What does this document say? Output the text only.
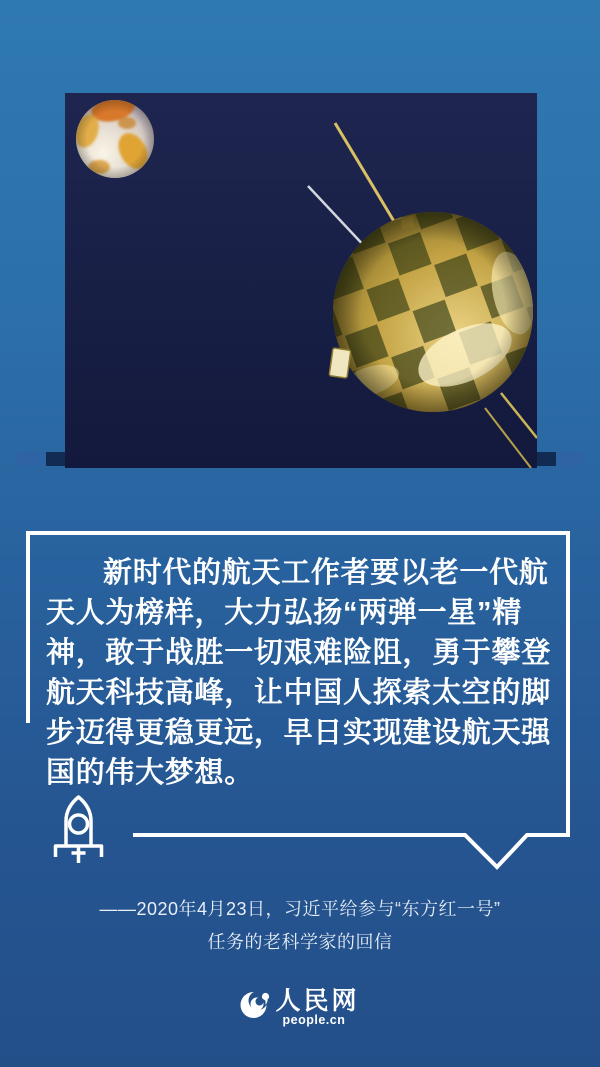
新时代的航天工作者要以老一代航
天人为榜样，大力弘扬“两弹一星”精
神，敢于战胜一切艰难险阻，勇于攀登
航天科技高峰，让中国人探索太空的脚
步迈得更稳更远，早日实现建设航天强
国的伟大梦想。
——2020年4月23日，习近平给参与“东方红一号”
任务的老科学家的回信
人民网
people.cn
